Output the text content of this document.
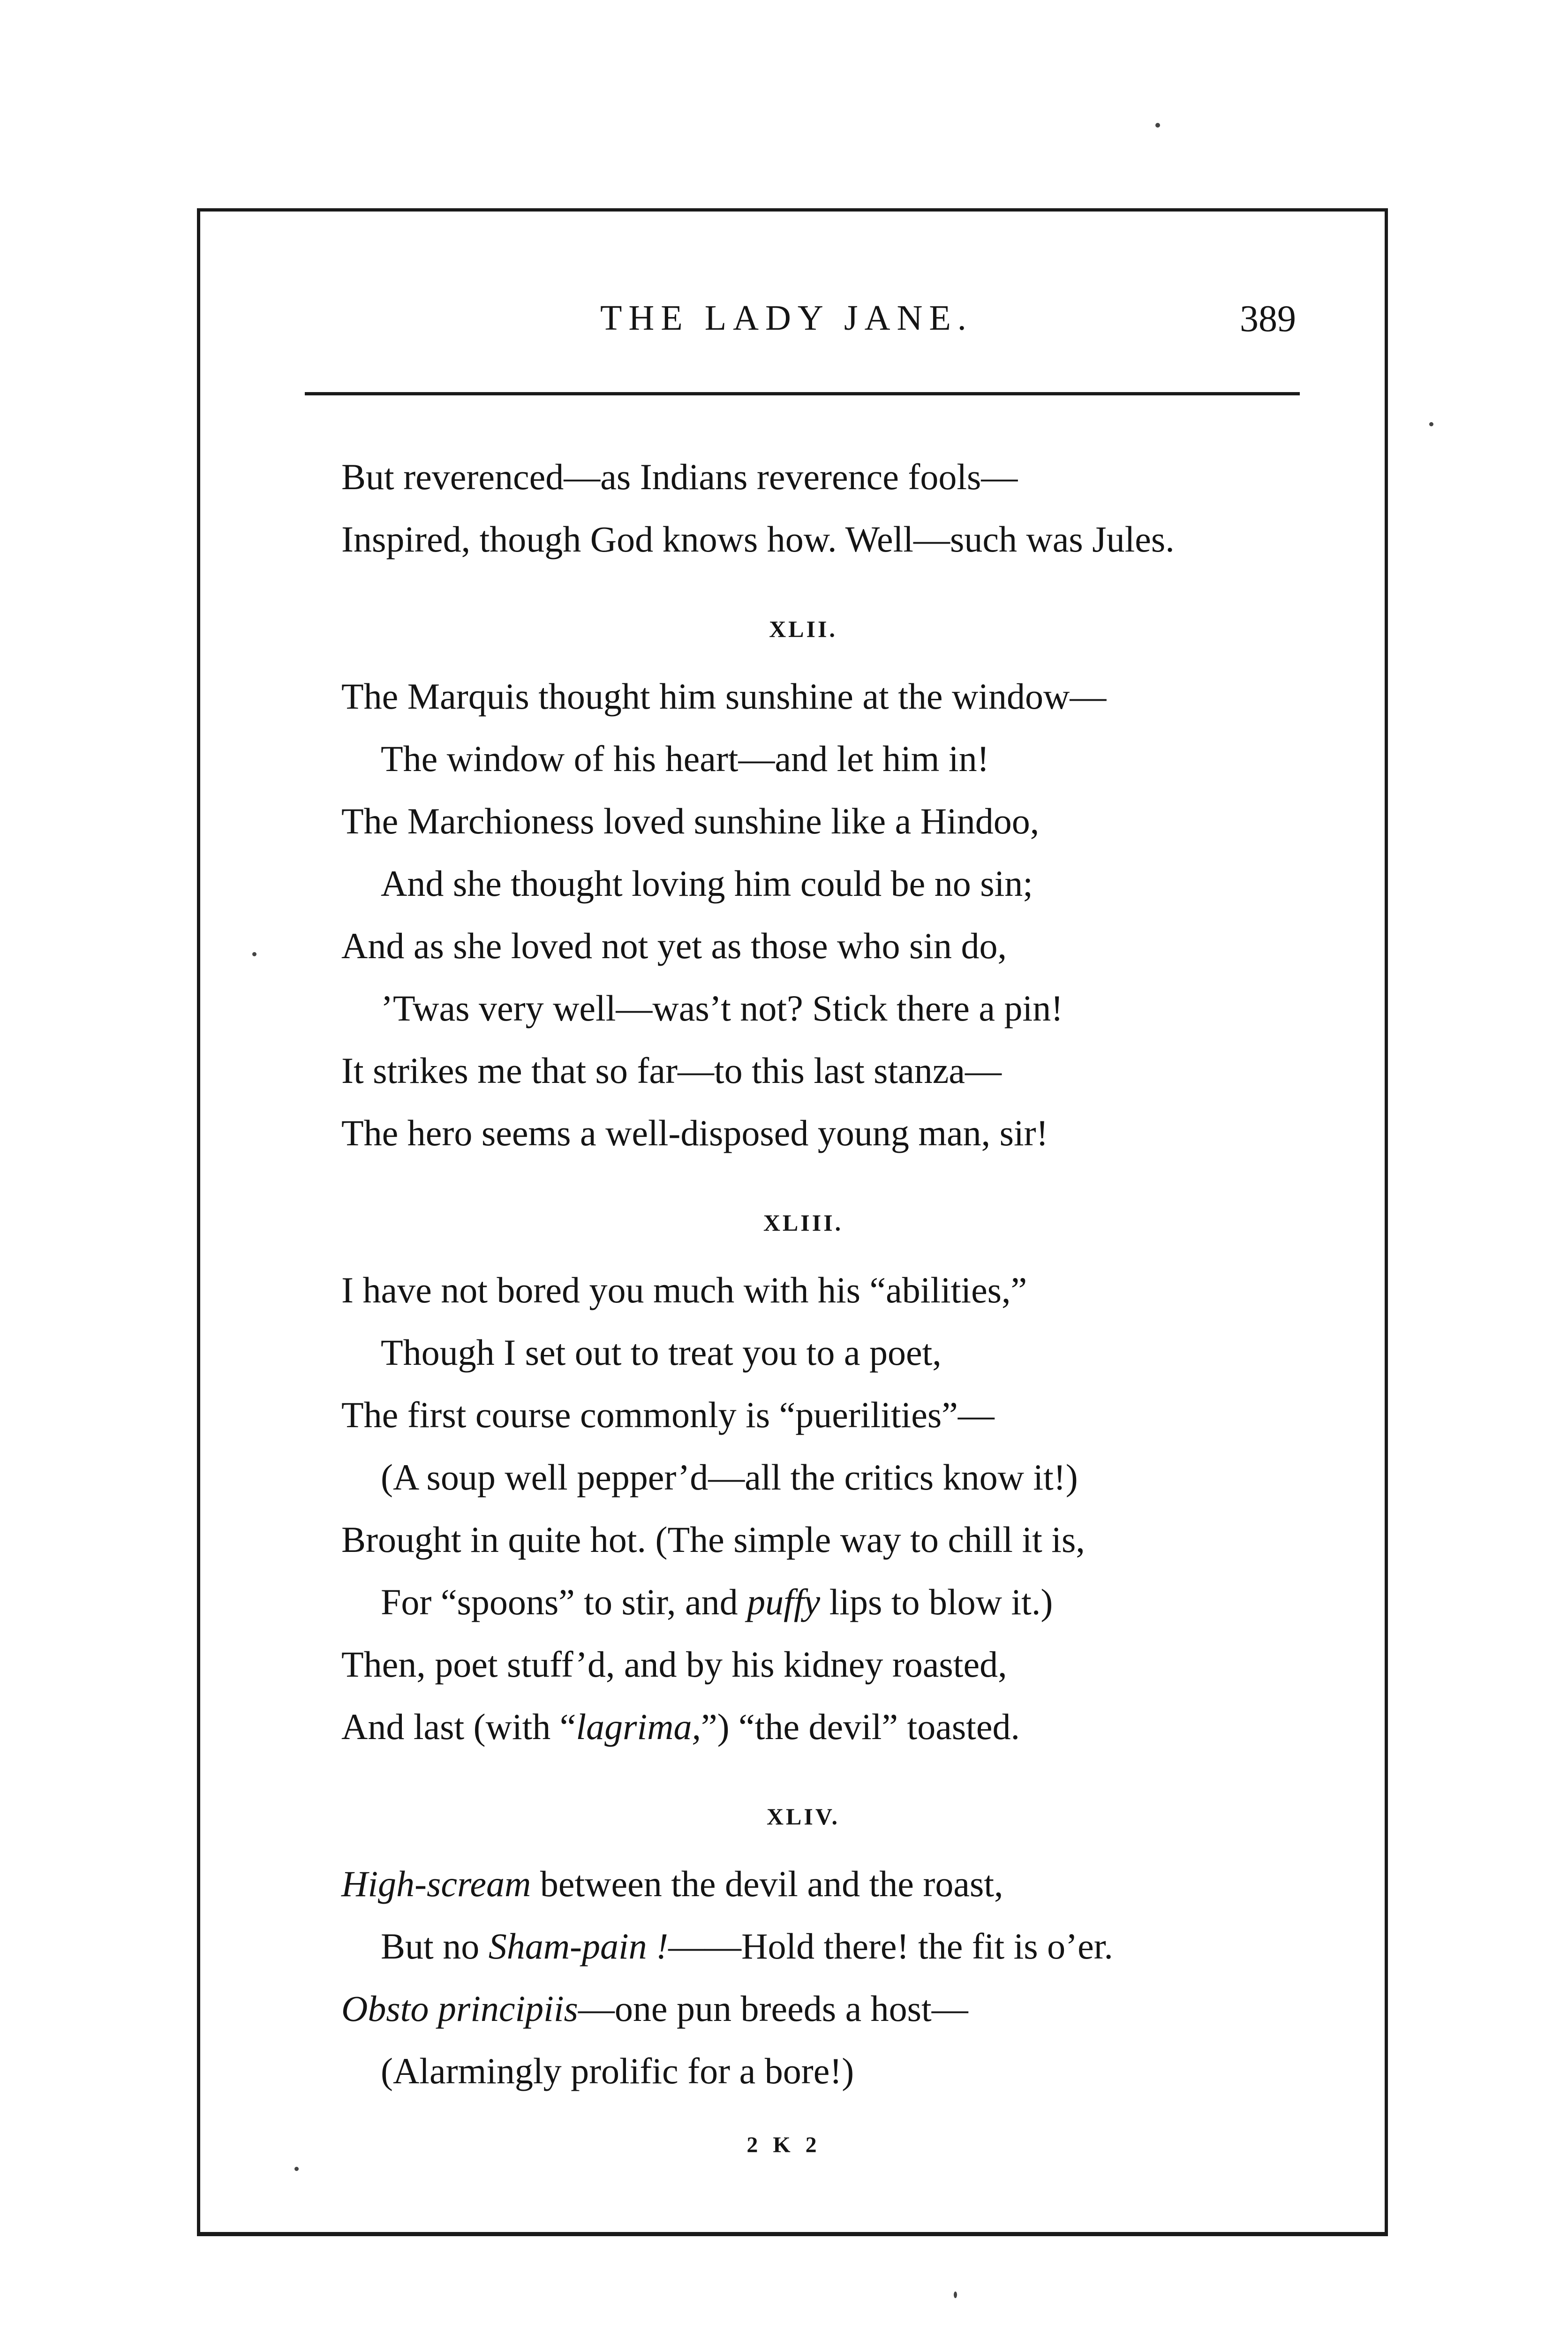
THE LADY JANE.	389
But reverenced—as Indians reverence fools—
Inspired, though God knows how. Well—such was Jules.
XLII.
The Marquis thought him sunshine at the window—
The window of his heart—and let him in!
The Marchioness loved sunshine like a Hindoo,
And she thought loving him could be no sin;
And as she loved not yet as those who sin do,
’Twas very well—was’t not? Stick there a pin!
It strikes me that so far—to this last stanza—
The hero seems a well-disposed young man, sir!
XLIII.
I have not bored you much with his “abilities,”
Though I set out to treat you to a poet,
The first course commonly is “puerilities”—
(A soup well pepper’d—all the critics know it!)
Brought in quite hot. (The simple way to chill it is,
For “spoons” to stir, and puffy lips to blow it.)
Then, poet stuff’d, and by his kidney roasted,
And last (with “lagrima,”) “the devil” toasted.
XLIV.
High-scream between the devil and the roast,
But no Sham-pain !——Hold there! the fit is o’er.
Obsto principiis—one pun breeds a host—
(Alarmingly prolific for a bore!)
2 K 2
